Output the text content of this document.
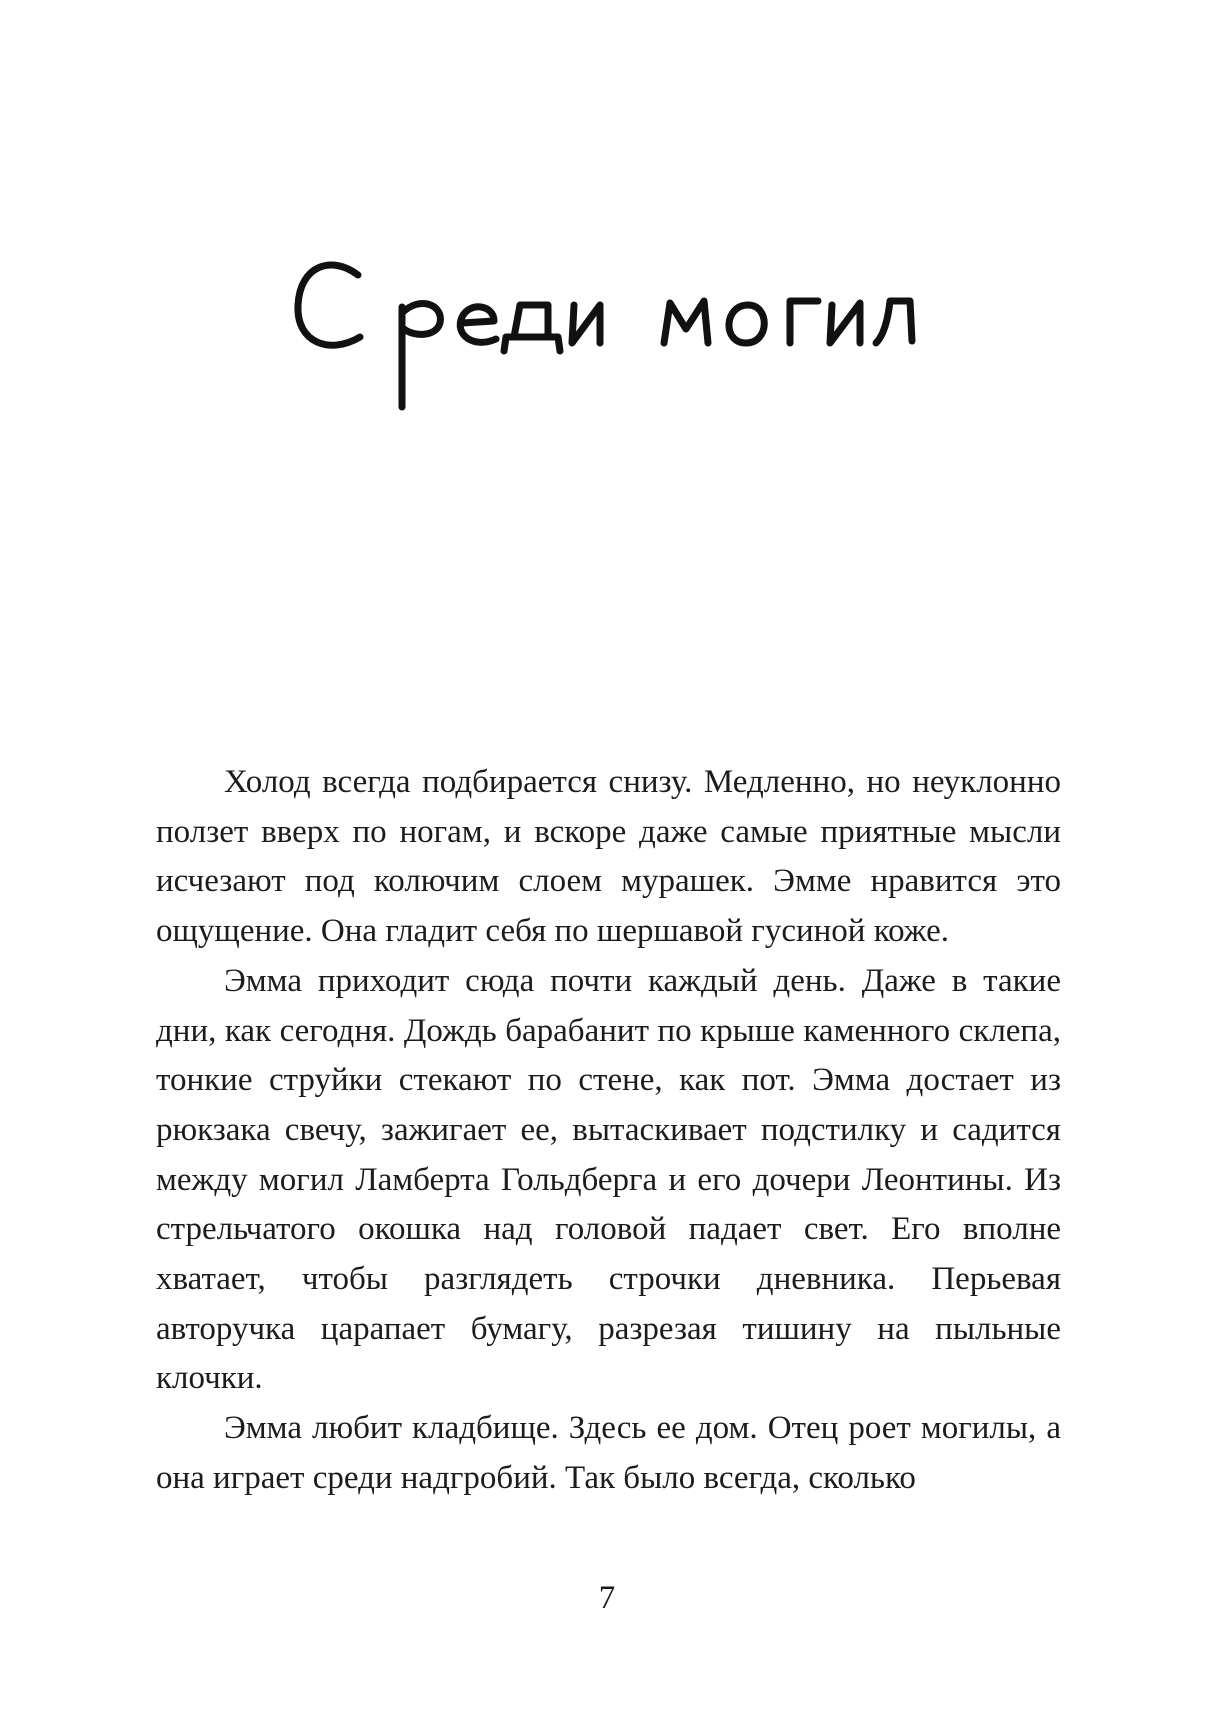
Холод всегда подбирается снизу. Медленно, но неуклонно ползет вверх по ногам, и вскоре даже самые приятные мысли исчезают под колючим слоем мурашек. Эмме нравится это ощущение. Она гладит себя по шершавой гусиной коже.

Эмма приходит сюда почти каждый день. Даже в такие дни, как сегодня. Дождь барабанит по крыше каменного склепа, тонкие струйки стекают по стене, как пот. Эмма достает из рюкзака свечу, зажигает ее, вытаскивает подстилку и садится между могил Ламберта Гольдберга и его дочери Леонтины. Из стрельчатого окошка над головой падает свет. Его вполне хватает, чтобы разглядеть строчки дневника. Перьевая авторучка царапает бумагу, разрезая тишину на пыльные клочки.

Эмма любит кладбище. Здесь ее дом. Отец роет могилы, а она играет среди надгробий. Так было всегда, сколько

7
